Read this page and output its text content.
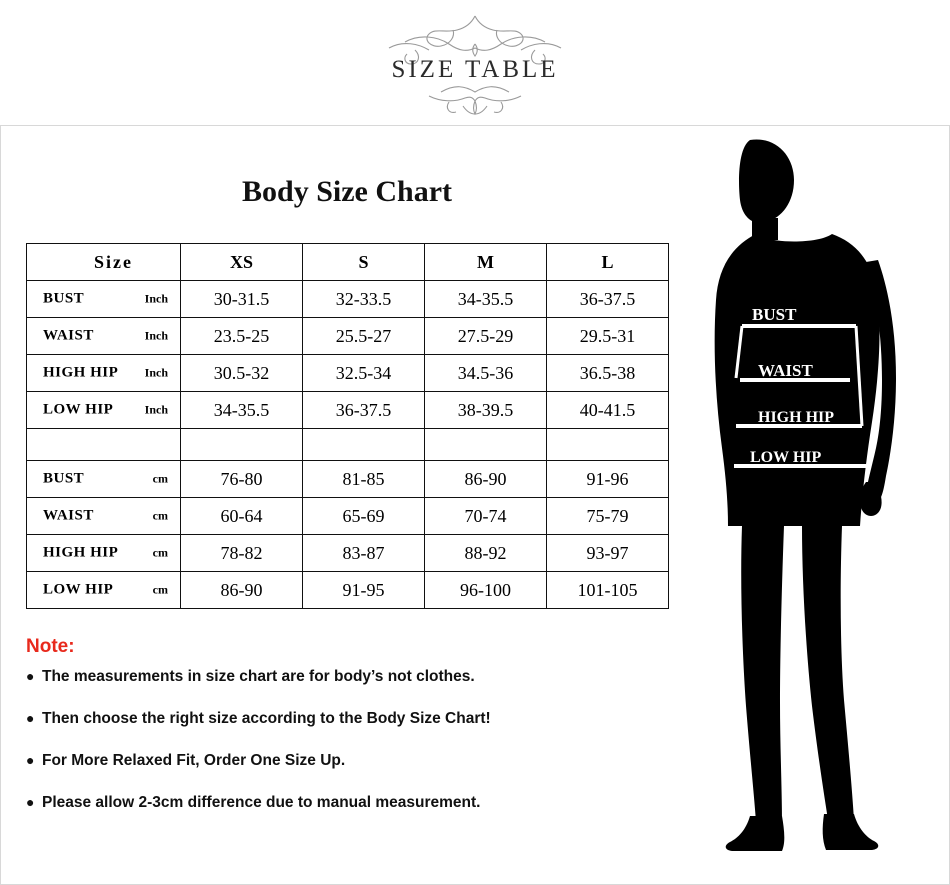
SIZE TABLE
Body Size Chart
Size	XS	S	M	L

BUST Inch	30-31.5	32-33.5	34-35.5	36-37.5

WAIST Inch	23.5-25	25.5-27	27.5-29	29.5-31

HIGH HIP Inch	30.5-32	32.5-34	34.5-36	36.5-38

LOW HIP Inch	34-35.5	36-37.5	38-39.5	40-41.5

BUST cm	76-80	81-85	86-90	91-96

WAIST cm	60-64	65-69	70-74	75-79

HIGH HIP cm	78-82	83-87	88-92	93-97

LOW HIP cm	86-90	91-95	96-100	101-105
Note:
● The measurements in size chart are for body’s not clothes.
● Then choose the right size according to the Body Size Chart!
● For More Relaxed Fit, Order One Size Up.
● Please allow 2-3cm difference due to manual measurement.
BUST
WAIST
HIGH HIP
LOW HIP
